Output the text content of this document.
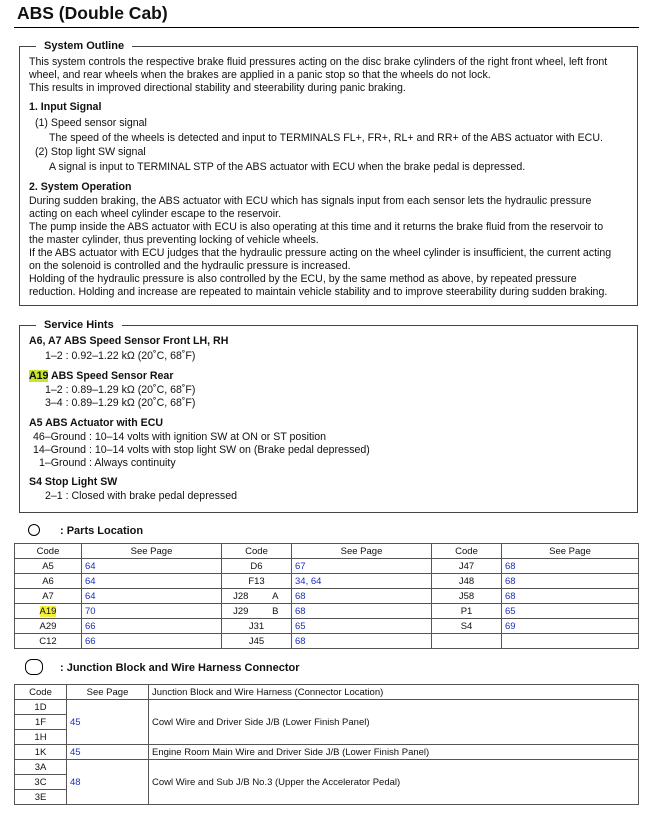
ABS (Double Cab)
System Outline
This system controls the respective brake fluid pressures acting on the disc brake cylinders of the right front wheel, left front
wheel, and rear wheels when the brakes are applied in a panic stop so that the wheels do not lock.
This results in improved directional stability and steerability during panic braking.
1. Input Signal
(1) Speed sensor signal
The speed of the wheels is detected and input to TERMINALS FL+, FR+, RL+ and RR+ of the ABS actuator with ECU.
(2) Stop light SW signal
A signal is input to TERMINAL STP of the ABS actuator with ECU when the brake pedal is depressed.
2. System Operation
During sudden braking, the ABS actuator with ECU which has signals input from each sensor lets the hydraulic pressure
acting on each wheel cylinder escape to the reservoir.
The pump inside the ABS actuator with ECU is also operating at this time and it returns the brake fluid from the reservoir to
the master cylinder, thus preventing locking of vehicle wheels.
If the ABS actuator with ECU judges that the hydraulic pressure acting on the wheel cylinder is insufficient, the current acting
on the solenoid is controlled and the hydraulic pressure is increased.
Holding of the hydraulic pressure is also controlled by the ECU, by the same method as above, by repeated pressure
reduction. Holding and increase are repeated to maintain vehicle stability and to improve steerability during sudden braking.
Service Hints
A6, A7 ABS Speed Sensor Front LH, RH
1–2 : 0.92–1.22 kΩ (20˚C, 68˚F)
A19 ABS Speed Sensor Rear
1–2 : 0.89–1.29 kΩ (20˚C, 68˚F)
3–4 : 0.89–1.29 kΩ (20˚C, 68˚F)
A5 ABS Actuator with ECU
46–Ground : 10–14 volts with ignition SW at ON or ST position
14–Ground : 10–14 volts with stop light SW on (Brake pedal depressed)
1–Ground : Always continuity
S4 Stop Light SW
2–1 : Closed with brake pedal depressed
: Parts Location
Code	See Page	Code		See Page	Code	See Page
A5	64	D6		67	J47	68
A6	64	F13		34, 64	J48	68
A7	64	J28	A	68	J58	68
A19	70	J29	B	68	P1	65
A29	66	J31		65	S4	69
C12	66	J45		68		
: Junction Block and Wire Harness Connector
Code	See Page	Junction Block and Wire Harness (Connector Location)
1D	45	Cowl Wire and Driver Side J/B (Lower Finish Panel)
1F		
1H		
1K	45	Engine Room Main Wire and Driver Side J/B (Lower Finish Panel)
3A	48	Cowl Wire and Sub J/B No.3 (Upper the Accelerator Pedal)
3C		
3E		
